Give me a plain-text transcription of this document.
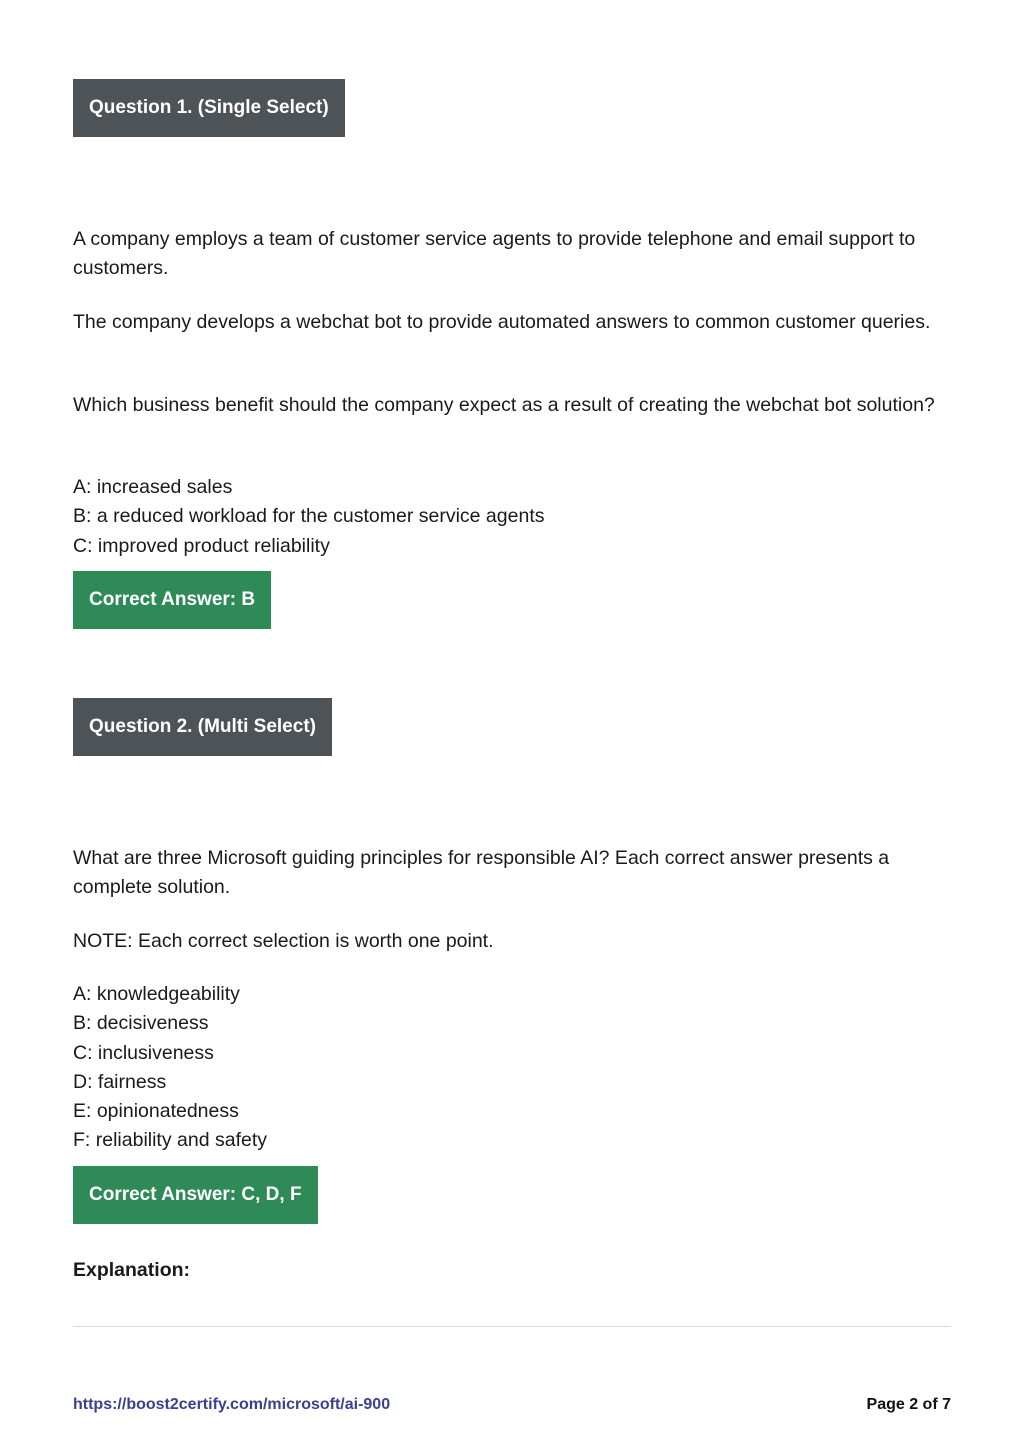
Question 1. (Single Select)

A company employs a team of customer service agents to provide telephone and email support to customers.

The company develops a webchat bot to provide automated answers to common customer queries.

Which business benefit should the company expect as a result of creating the webchat bot solution?

A: increased sales
B: a reduced workload for the customer service agents
C: improved product reliability
Correct Answer: B
Question 2. (Multi Select)

What are three Microsoft guiding principles for responsible AI? Each correct answer presents a complete solution.

NOTE: Each correct selection is worth one point.

A: knowledgeability
B: decisiveness
C: inclusiveness
D: fairness
E: opinionatedness
F: reliability and safety
Correct Answer: C, D, F
Explanation:
https://boost2certify.com/microsoft/ai-900	Page 2 of 7
